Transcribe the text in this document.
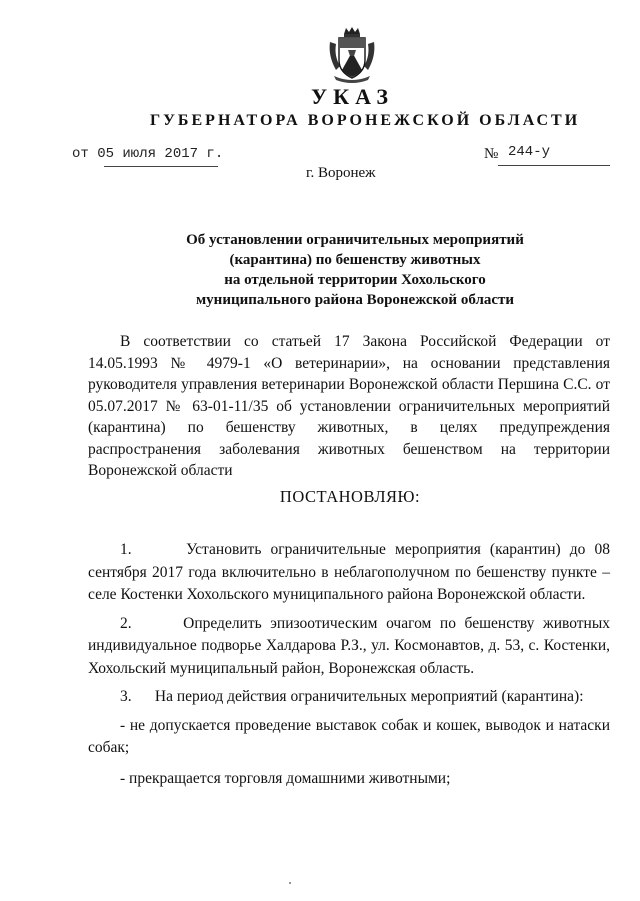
УКАЗ
ГУБЕРНАТОРА ВОРОНЕЖСКОЙ ОБЛАСТИ
от 05 июля 2017 г.	№ 244-у
г. Воронеж
Об установлении ограничительных мероприятий
(карантина) по бешенству животных
на отдельной территории Хохольского
муниципального района Воронежской области

В соответствии со статьей 17 Закона Российской Федерации от 14.05.1993 № 4979-1 «О ветеринарии», на основании представления руководителя управления ветеринарии Воронежской области Першина С.С. от 05.07.2017 № 63-01-11/35 об установлении ограничительных мероприятий (карантина) по бешенству животных, в целях предупреждения распространения заболевания животных бешенством на территории Воронежской области

ПОСТАНОВЛЯЮ:

1.	Установить ограничительные мероприятия (карантин) до 08 сентября 2017 года включительно в неблагополучном по бешенству пункте – селе Костенки Хохольского муниципального района Воронежской области.

2.	Определить эпизоотическим очагом по бешенству животных индивидуальное подворье Халдарова Р.З., ул. Космонавтов, д. 53, с. Костенки, Хохольский муниципальный район, Воронежская область.

3. На период действия ограничительных мероприятий (карантина):

- не допускается проведение выставок собак и кошек, выводок и натаски собак;

- прекращается торговля домашними животными;
